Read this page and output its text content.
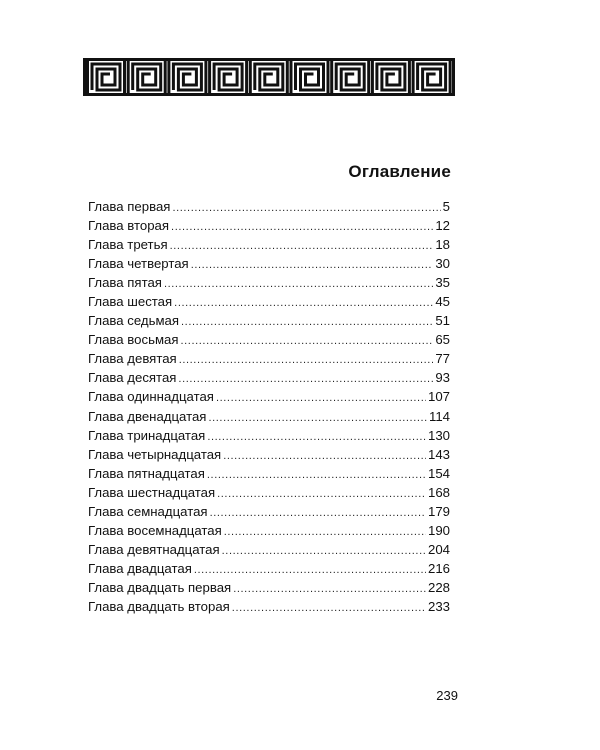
Оглавление
Глава первая .....	5
Глава вторая .....	12
Глава третья .....	18
Глава четвертая .....	30
Глава пятая .....	35
Глава шестая .....	45
Глава седьмая .....	51
Глава восьмая .....	65
Глава девятая .....	77
Глава десятая .....	93
Глава одиннадцатая .....	107
Глава двенадцатая .....	114
Глава тринадцатая .....	130
Глава четырнадцатая .....	143
Глава пятнадцатая .....	154
Глава шестнадцатая .....	168
Глава семнадцатая .....	179
Глава восемнадцатая .....	190
Глава девятнадцатая .....	204
Глава двадцатая .....	216
Глава двадцать первая .....	228
Глава двадцать вторая .....	233
239
